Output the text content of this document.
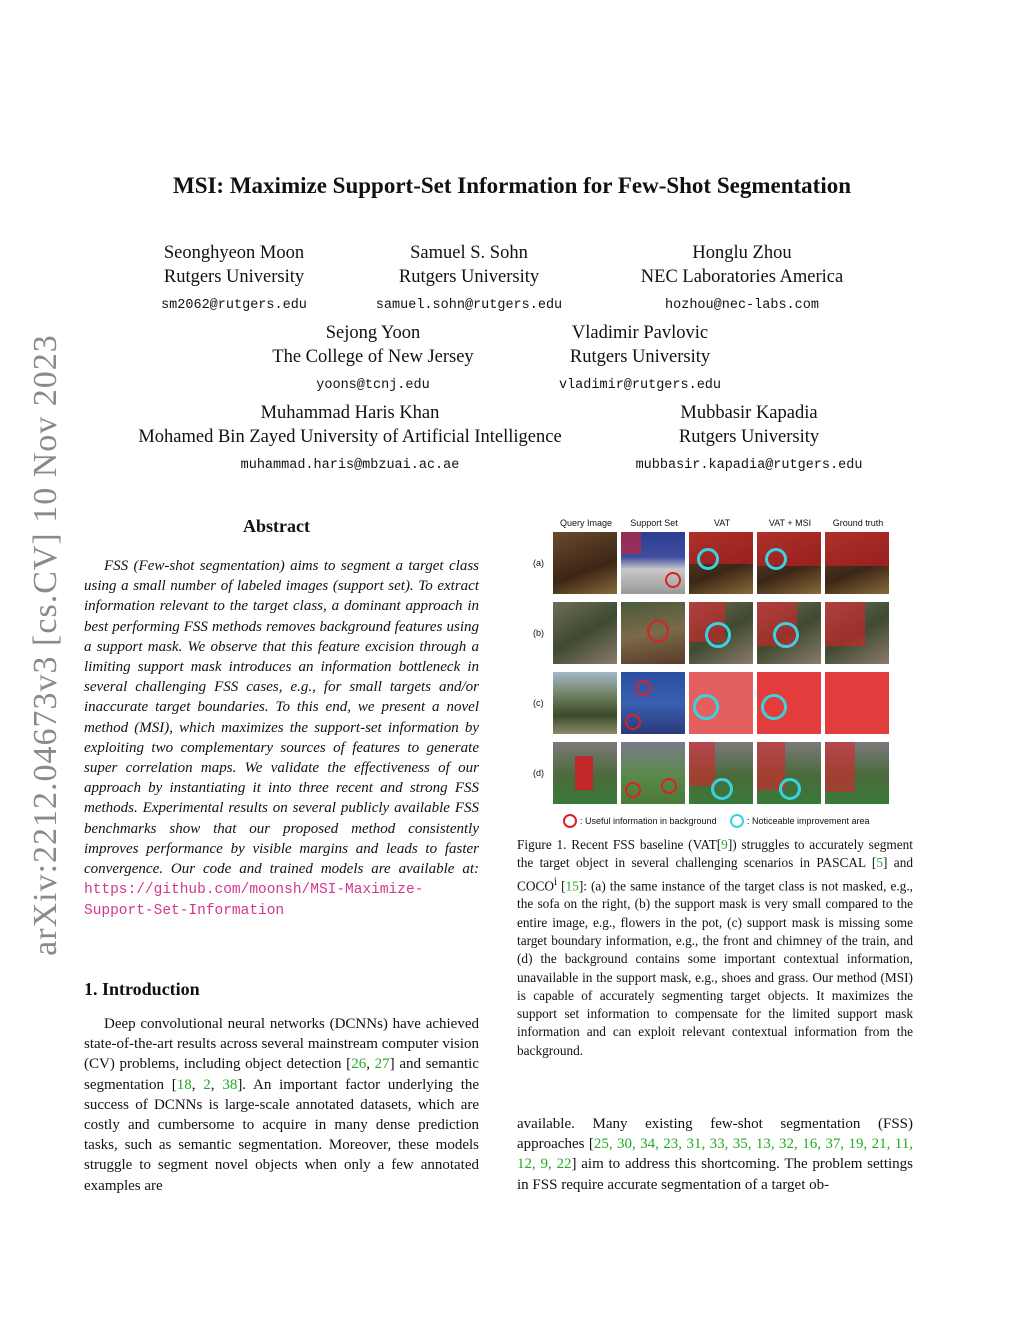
arXiv:2212.04673v3 [cs.CV] 10 Nov 2023
MSI: Maximize Support-Set Information for Few-Shot Segmentation
Seonghyeon Moon
Rutgers University
sm2062@rutgers.edu
Samuel S. Sohn
Rutgers University
samuel.sohn@rutgers.edu
Honglu Zhou
NEC Laboratories America
hozhou@nec-labs.com
Sejong Yoon
The College of New Jersey
yoons@tcnj.edu
Vladimir Pavlovic
Rutgers University
vladimir@rutgers.edu
Muhammad Haris Khan
Mohamed Bin Zayed University of Artificial Intelligence
muhammad.haris@mbzuai.ac.ae
Mubbasir Kapadia
Rutgers University
mubbasir.kapadia@rutgers.edu
Abstract
FSS (Few-shot segmentation) aims to segment a target class using a small number of labeled images (support set). To extract information relevant to the target class, a dominant approach in best performing FSS methods removes background features using a support mask. We observe that this feature excision through a limiting support mask introduces an information bottleneck in several challenging FSS cases, e.g., for small targets and/or inaccurate target boundaries. To this end, we present a novel method (MSI), which maximizes the support-set information by exploiting two complementary sources of features to generate super correlation maps. We validate the effectiveness of our approach by instantiating it into three recent and strong FSS methods. Experimental results on several publicly available FSS benchmarks show that our proposed method consistently improves performance by visible margins and leads to faster convergence. Our code and trained models are available at: https://github.com/moonsh/MSI-Maximize-Support-Set-Information
1. Introduction
Deep convolutional neural networks (DCNNs) have achieved state-of-the-art results across several mainstream computer vision (CV) problems, including object detection [26, 27] and semantic segmentation [18, 2, 38]. An important factor underlying the success of DCNNs is large-scale annotated datasets, which are costly and cumbersome to acquire in many dense prediction tasks, such as semantic segmentation. Moreover, these models struggle to segment novel objects when only a few annotated examples are
Query Image	Support Set	VAT	VAT + MSI	Ground truth
(a)
(b)
(c)
(d)
: Useful information in background	: Noticeable improvement area
Figure 1. Recent FSS baseline (VAT[9]) struggles to accurately segment the target object in several challenging scenarios in PASCAL [5] and COCO$^i$ [15]: (a) the same instance of the target class is not masked, e.g., the sofa on the right, (b) the support mask is very small compared to the entire image, e.g., flowers in the pot, (c) support mask is missing some target boundary information, e.g., the front and chimney of the train, and (d) the background contains some important contextual information, unavailable in the support mask, e.g., shoes and grass. Our method (MSI) is capable of accurately segmenting target objects. It maximizes the support set information to compensate for the limited support mask information and can exploit relevant contextual information from the background.
available. Many existing few-shot segmentation (FSS) approaches [25, 30, 34, 23, 31, 33, 35, 13, 32, 16, 37, 19, 21, 11, 12, 9, 22] aim to address this shortcoming. The problem settings in FSS require accurate segmentation of a target ob-
